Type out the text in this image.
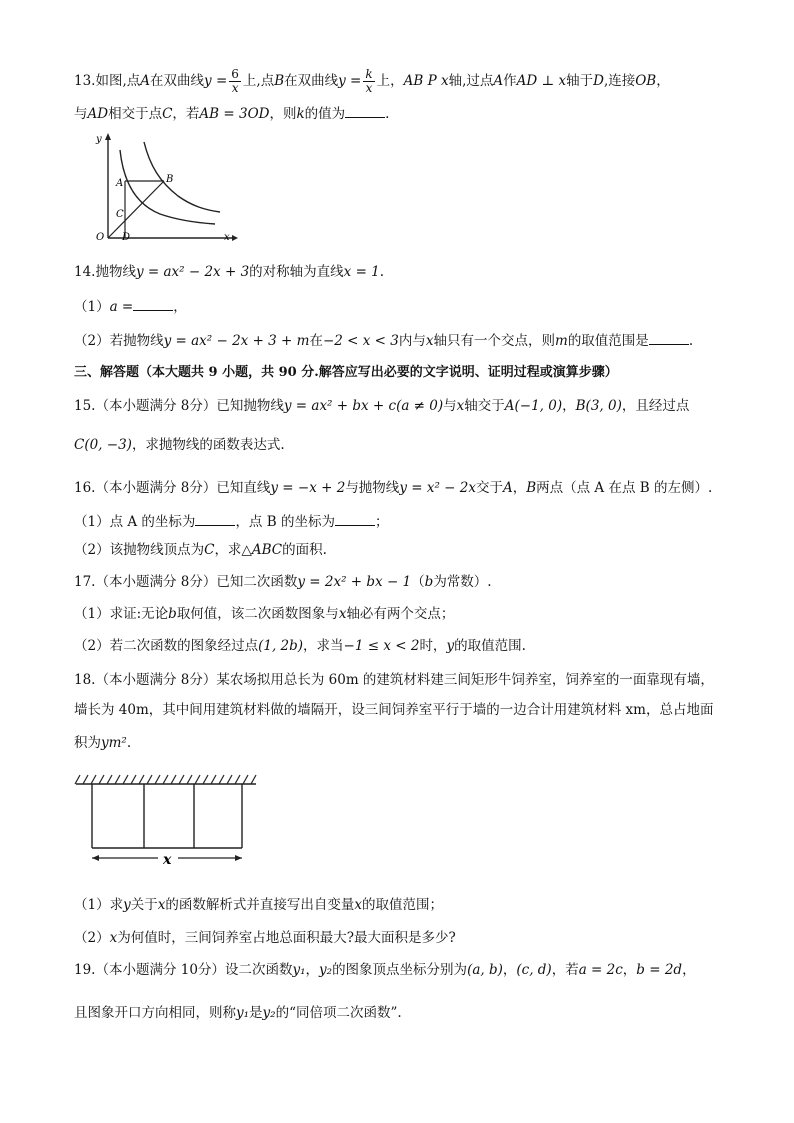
13.如图,点A在双曲线$y = \frac{6}{x}$ 上,点B在双曲线$y = \frac{k}{x}$ 上，AB P x轴,过点A作AD ⊥ x轴于D,连接OB，
与AD相交于点C，若AB = 3OD，则k的值为	.
y
A	B
C
O D	x
14.抛物线y = ax² − 2x + 3的对称轴为直线x = 1.
（1）a =	，
（2）若抛物线y = ax² − 2x + 3 + m在−2 < x < 3内与x轴只有一个交点，则m的取值范围是	.
三、解答题（本大题共 9 小题，共 90 分.解答应写出必要的文字说明、证明过程或演算步骤）
15.（本小题满分 8分）已知抛物线y = ax² + bx + c(a ≠ 0)与x轴交于A(−1, 0)，B(3, 0)，且经过点
C(0, −3)，求抛物线的函数表达式.
16.（本小题满分 8分）已知直线y = −x + 2与抛物线y = x² − 2x交于A，B两点（点 A 在点 B 的左侧）.
（1）点 A 的坐标为	，点 B 的坐标为	；
（2）该抛物线顶点为C，求△ABC的面积.
17.（本小题满分 8分）已知二次函数y = 2x² + bx − 1（b为常数）.
（1）求证:无论b取何值，该二次函数图象与x轴必有两个交点；
（2）若二次函数的图象经过点(1, 2b)，求当−1 ≤ x < 2时，y的取值范围.
18.（本小题满分 8分）某农场拟用总长为 60m 的建筑材料建三间矩形牛饲养室，饲养室的一面靠现有墙，
墙长为 40m，其中间用建筑材料做的墙隔开，设三间饲养室平行于墙的一边合计用建筑材料 xm，总占地面
积为ym².
x
（1）求y关于x的函数解析式并直接写出自变量x的取值范围；
（2）x为何值时，三间饲养室占地总面积最大?最大面积是多少?
19.（本小题满分 10分）设二次函数y₁，y₂的图象顶点坐标分别为(a, b)，(c, d)，若a = 2c，b = 2d，
且图象开口方向相同，则称y₁是y₂的“同倍项二次函数”.
